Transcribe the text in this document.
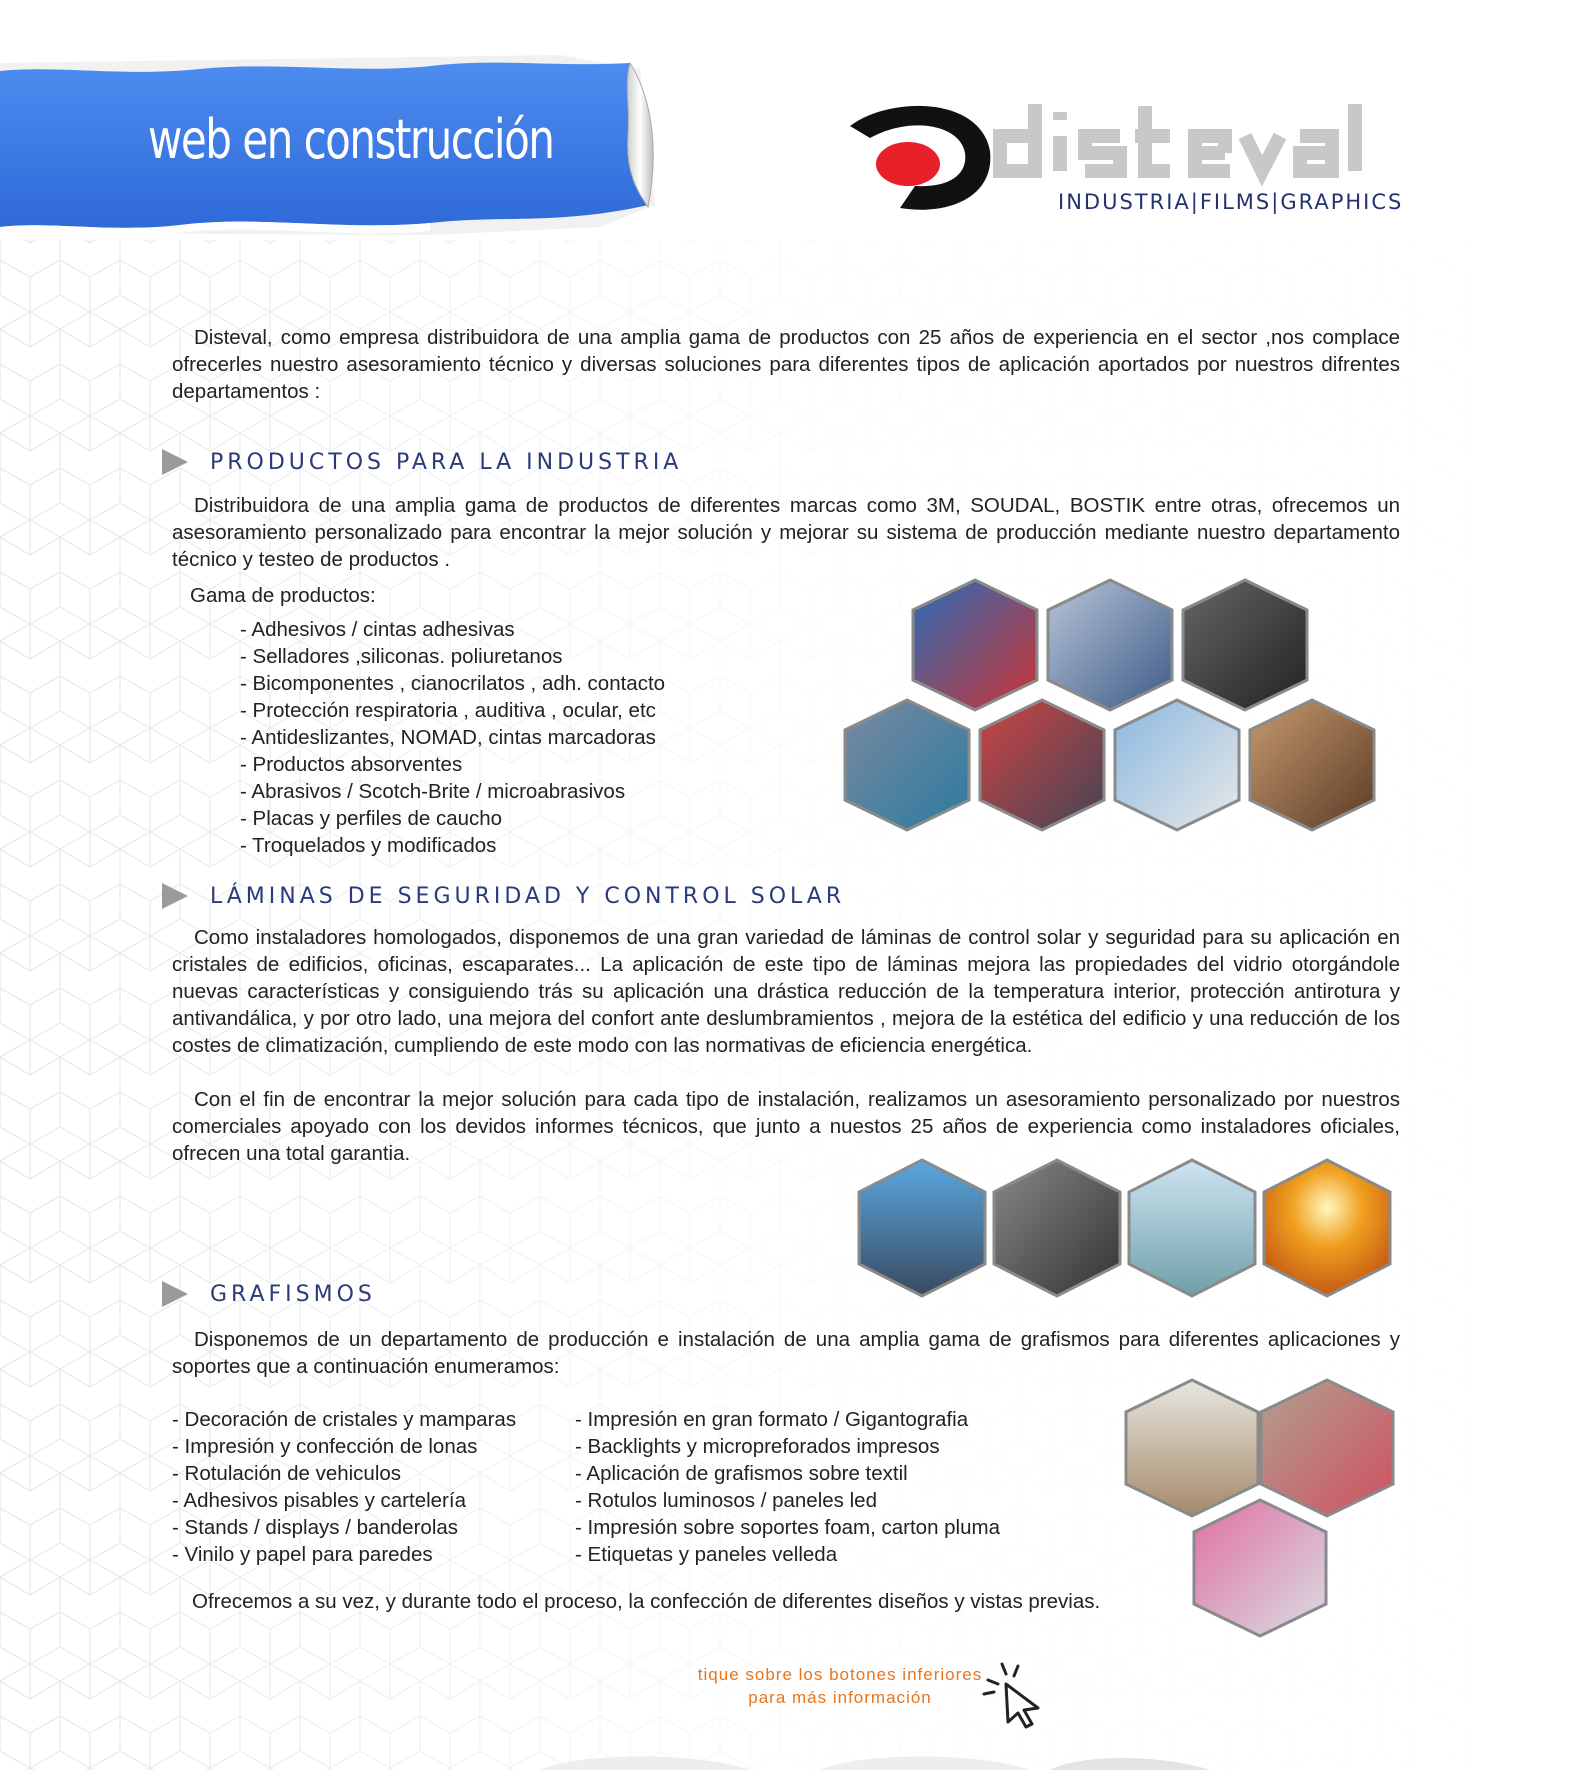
web en construcción
INDUSTRIA|FILMS|GRAPHICS
Disteval, como empresa distribuidora de una amplia gama de productos con 25 años de experiencia en el sector ,nos complace ofrecerles nuestro asesoramiento técnico y diversas soluciones para diferentes tipos de aplicación aportados por nuestros difrentes departamentos :
PRODUCTOS PARA LA INDUSTRIA
Distribuidora de una amplia gama de productos de diferentes marcas como 3M, SOUDAL, BOSTIK entre otras, ofrecemos un asesoramiento personalizado para encontrar la mejor solución y mejorar su sistema de producción mediante nuestro departamento técnico y testeo de productos .
Gama de productos:
- Adhesivos / cintas adhesivas
- Selladores ,siliconas. poliuretanos
- Bicomponentes , cianocrilatos , adh. contacto
- Protección respiratoria , auditiva , ocular, etc
- Antideslizantes, NOMAD, cintas marcadoras
- Productos absorventes
- Abrasivos / Scotch-Brite / microabrasivos
- Placas y perfiles de caucho
- Troquelados y modificados
LÁMINAS DE SEGURIDAD Y CONTROL SOLAR
Como instaladores homologados, disponemos de una gran variedad de láminas de control solar y seguridad para su aplicación en cristales de edificios, oficinas, escaparates... La aplicación de este tipo de láminas mejora las propiedades del vidrio otorgándole nuevas características y consiguiendo trás su aplicación una drástica reducción de la temperatura interior, protección antirotura y antivandálica, y por otro lado, una mejora del confort ante deslumbramientos , mejora de la estética del edificio y una reducción de los costes de climatización, cumpliendo de este modo con las normativas de eficiencia energética.
Con el fin de encontrar la mejor solución para cada tipo de instalación, realizamos un asesoramiento personalizado por nuestros comerciales apoyado con los devidos informes técnicos, que junto a nuestos 25 años de experiencia como instaladores oficiales, ofrecen una total garantia.
GRAFISMOS
Disponemos de un departamento de producción e instalación de una amplia gama de grafismos para diferentes aplicaciones y soportes que a continuación enumeramos:
- Decoración de cristales y mamparas
- Impresión y confección de lonas
- Rotulación de vehiculos
- Adhesivos pisables y cartelería
- Stands / displays / banderolas
- Vinilo y papel para paredes
- Impresión en gran formato / Gigantografia
- Backlights y micropreforados impresos
- Aplicación de grafismos sobre textil
- Rotulos luminosos / paneles led
- Impresión sobre soportes foam, carton pluma
- Etiquetas y paneles velleda
Ofrecemos a su vez, y durante todo el proceso, la confección de diferentes diseños y vistas previas.
tique sobre los botones inferiores
para más información
